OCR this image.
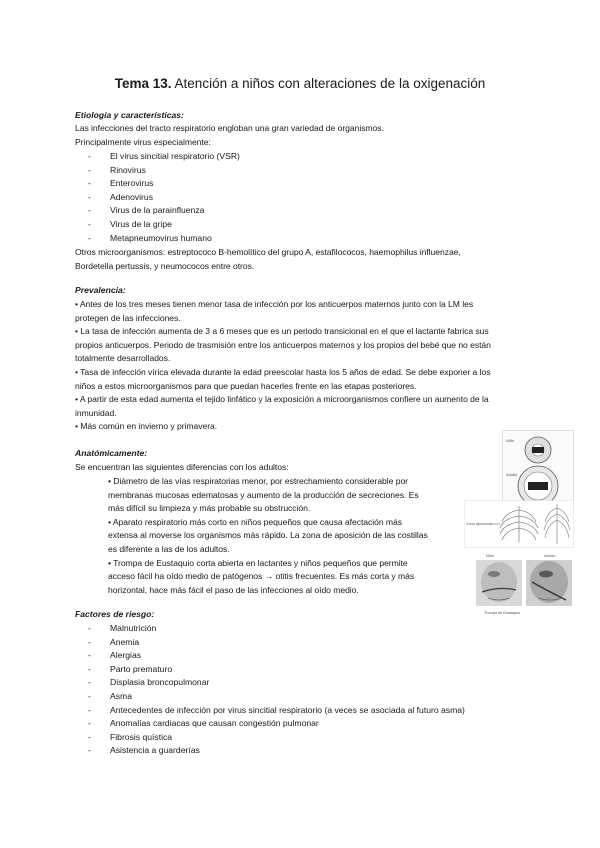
Tema 13. Atención a niños con alteraciones de la oxigenación
Etiología y características:

Las infecciones del tracto respiratorio engloban una gran variedad de organismos.

Principalmente virus especialmente:

- El virus sincitial respiratorio (VSR)
- Rinovirus
- Enterovirus
- Adenovirus
- Virus de la parainfluenza
- Virus de la gripe
- Metapneumovirus humano

Otros microorganismos: estreptococo B-hemolítico del grupo A, estafilococos, haemophilus influenzae,

Bordetella pertussis, y neumococos entre otros.

Prevalencia:

• Antes de los tres meses tienen menor tasa de infección por los anticuerpos maternos junto con la LM les

protegen de las infecciones.

• La tasa de infección aumenta de 3 a 6 meses que es un periodo transicional en el que el lactante fabrica sus

propios anticuerpos. Periodo de trasmisión entre los anticuerpos maternos y los propios del bebé que no están

totalmente desarrollados.

• Tasa de infección vírica elevada durante la edad preescolar hasta los 5 años de edad. Se debe exponer a los

niños a estos microorganismos para que puedan hacerles frente en las etapas posteriores.

• A partir de esta edad aumenta el tejido linfático y la exposición a microorganismos confiere un aumento de la

inmunidad.

• Más común en invierno y primavera.

Anatómicamente:
Se encuentran las siguientes diferencias con los adultos:

• Diámetro de las vías respiratorias menor, por estrechamiento considerable por

membranas mucosas edematosas y aumento de la producción de secreciones. Es

más difícil su limpieza y más probable su obstrucción.

• Aparato respiratorio más corto en niños pequeños que causa afectación más

extensa al moverse los organismos más rápido. La zona de aposición de las costillas

es diferente a las de los adultos.

• Trompa de Eustaquio corta abierta en lactantes y niños pequeños que permite

acceso fácil ha oído medio de patógenos → otitis frecuentes. Es más corta y más

horizontal, hace más fácil el paso de las infecciones al oído medio.

Niño
Adulto
Zona aposición
Niño	Adulto
Trompa de Eustaquio
Factores de riesgo:
- Malnutrición
- Anemia
- Alergias
- Parto prematuro
- Displasia broncopulmonar
- Asma
- Antecedentes de infección por virus sincitial respiratorio (a veces se asociada al futuro asma)
- Anomalías cardiacas que causan congestión pulmonar
- Fibrosis quística
- Asistencia a guarderías
